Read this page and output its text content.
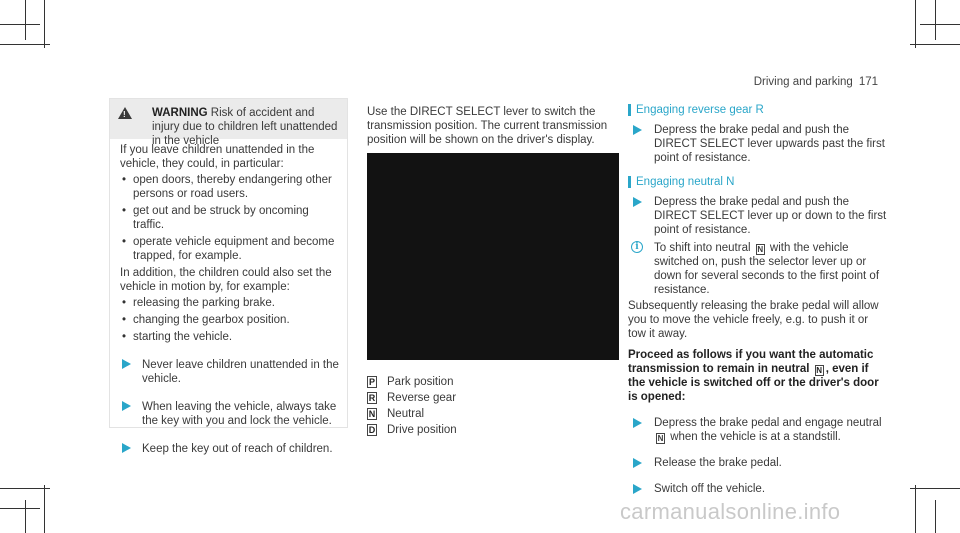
Driving and parking 171
! WARNING Risk of accident and injury due to children left unattended in the vehicle
If you leave children unattended in the vehicle, they could, in particular:
• open doors, thereby endangering other persons or road users.
• get out and be struck by oncoming traffic.
• operate vehicle equipment and become trapped, for example.
In addition, the children could also set the vehicle in motion by, for example:
• releasing the parking brake.
• changing the gearbox position.
• starting the vehicle.
Never leave children unattended in the vehicle.
When leaving the vehicle, always take the key with you and lock the vehicle.
Keep the key out of reach of children.
Use the DIRECT SELECT lever to switch the transmission position. The current transmission position will be shown on the driver's display.
P Park position
R Reverse gear
N Neutral
D Drive position
Engaging reverse gear R
Depress the brake pedal and push the DIRECT SELECT lever upwards past the first point of resistance.
Engaging neutral N
Depress the brake pedal and push the DIRECT SELECT lever up or down to the first point of resistance.
i	To shift into neutral N with the vehicle switched on, push the selector lever up or down for several seconds to the first point of resistance.
Subsequently releasing the brake pedal will allow you to move the vehicle freely, e.g. to push it or tow it away.
Proceed as follows if you want the automatic transmission to remain in neutral N , even if the vehicle is switched off or the driver's door is opened:
Depress the brake pedal and engage neutral N when the vehicle is at a standstill.
Release the brake pedal.
Switch off the vehicle.
carmanualsonline.info
